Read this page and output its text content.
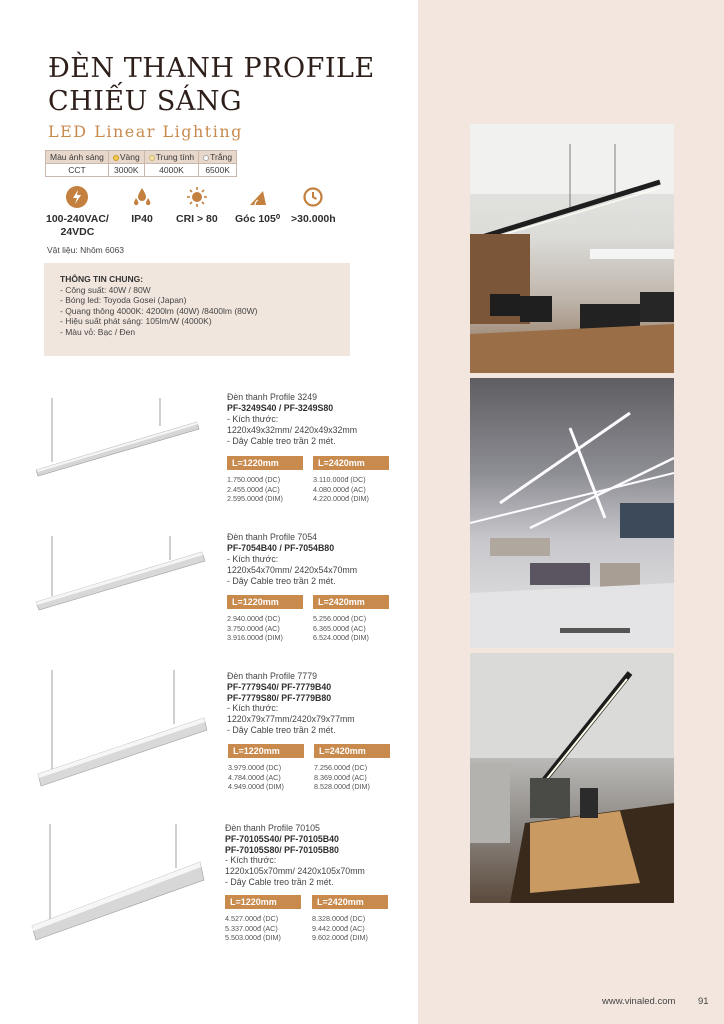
ĐÈN THANH PROFILE
CHIẾU SÁNG
LED Linear Lighting
Màu ánh sáng	Vàng	Trung tính	Trắng
CCT	3000K	4000K	6500K
100-240VAC/
24VDC
IP40 CRI > 80 Góc 105⁰ >30.000h
Vật liệu: Nhôm 6063
THÔNG TIN CHUNG:
- Công suất: 40W / 80W
- Bóng led: Toyoda Gosei (Japan)
- Quang thông 4000K: 4200lm (40W) /8400lm (80W)
- Hiệu suất phát sáng: 105lm/W (4000K)
- Màu vỏ: Bạc / Đen
Đèn thanh Profile 3249
PF-3249S40 / PF-3249S80
- Kích thước:
1220x49x32mm/ 2420x49x32mm
- Dây Cable treo trần 2 mét.
L=1220mm
1.750.000đ (DC)
2.455.000đ (AC)
2.595.000đ (DIM)
L=2420mm
3.110.000đ (DC)
4.080.000đ (AC)
4.220.000đ (DIM)
Đèn thanh Profile 7054
PF-7054B40 / PF-7054B80
- Kích thước:
1220x54x70mm/ 2420x54x70mm
- Dây Cable treo trần 2 mét.
L=1220mm
2.940.000đ (DC)
3.750.000đ (AC)
3.916.000đ (DIM)
L=2420mm
5.256.000đ (DC)
6.365.000đ (AC)
6.524.000đ (DIM)
Đèn thanh Profile 7779
PF-7779S40/ PF-7779B40
PF-7779S80/ PF-7779B80
- Kích thước:
1220x79x77mm/2420x79x77mm
- Dây Cable treo trần 2 mét.
L=1220mm
3.979.000đ (DC)
4.784.000đ (AC)
4.949.000đ (DIM)
L=2420mm
7.256.000đ (DC)
8.369.000đ (AC)
8.528.000đ (DIM)
Đèn thanh Profile 70105
PF-70105S40/ PF-70105B40
PF-70105S80/ PF-70105B80
- Kích thước:
1220x105x70mm/ 2420x105x70mm
- Dây Cable treo trần 2 mét.
L=1220mm
4.527.000đ (DC)
5.337.000đ (AC)
5.503.000đ (DIM)
L=2420mm
8.328.000đ (DC)
9.442.000đ (AC)
9.602.000đ (DIM)
www.vinaled.com 91
